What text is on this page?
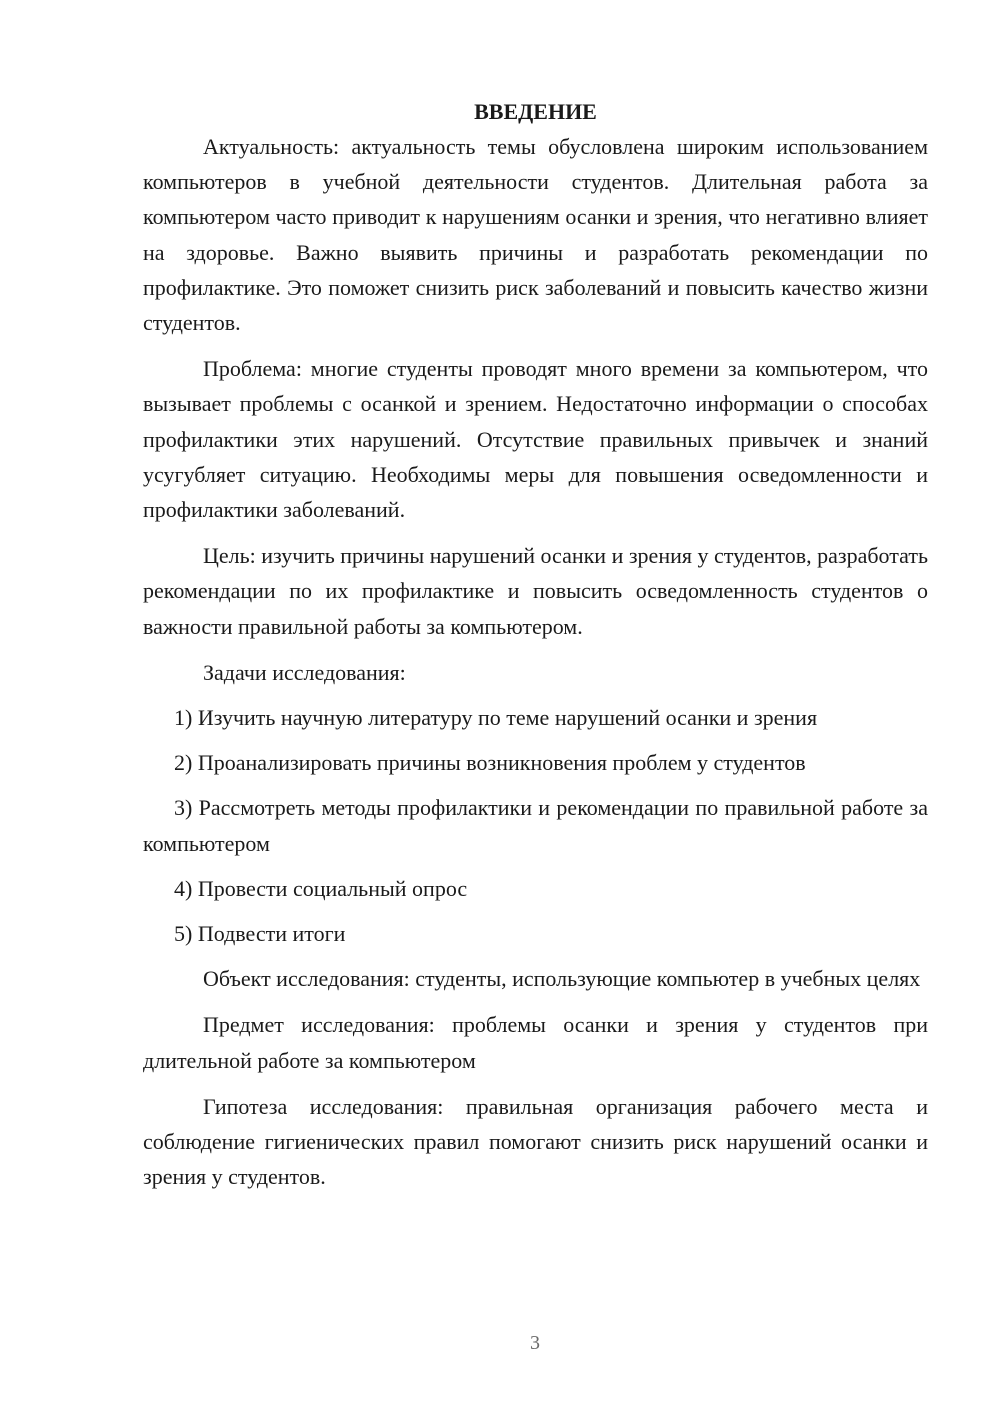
ВВЕДЕНИЕ

Актуальность: актуальность темы обусловлена широким использованием компьютеров в учебной деятельности студентов. Длительная работа за компьютером часто приводит к нарушениям осанки и зрения, что негативно влияет на здоровье. Важно выявить причины и разработать рекомендации по профилактике. Это поможет снизить риск заболеваний и повысить качество жизни студентов.

Проблема: многие студенты проводят много времени за компьютером, что вызывает проблемы с осанкой и зрением. Недостаточно информации о способах профилактики этих нарушений. Отсутствие правильных привычек и знаний усугубляет ситуацию. Необходимы меры для повышения осведомленности и профилактики заболеваний.

Цель: изучить причины нарушений осанки и зрения у студентов, разработать рекомендации по их профилактике и повысить осведомленность студентов о важности правильной работы за компьютером.

Задачи исследования:

1) Изучить научную литературу по теме нарушений осанки и зрения

2) Проанализировать причины возникновения проблем у студентов

3) Рассмотреть методы профилактики и рекомендации по правильной работе за компьютером

4) Провести социальный опрос

5) Подвести итоги

Объект исследования: студенты, использующие компьютер в учебных целях

Предмет исследования: проблемы осанки и зрения у студентов при длительной работе за компьютером

Гипотеза исследования: правильная организация рабочего места и соблюдение гигиенических правил помогают снизить риск нарушений осанки и зрения у студентов.

3
